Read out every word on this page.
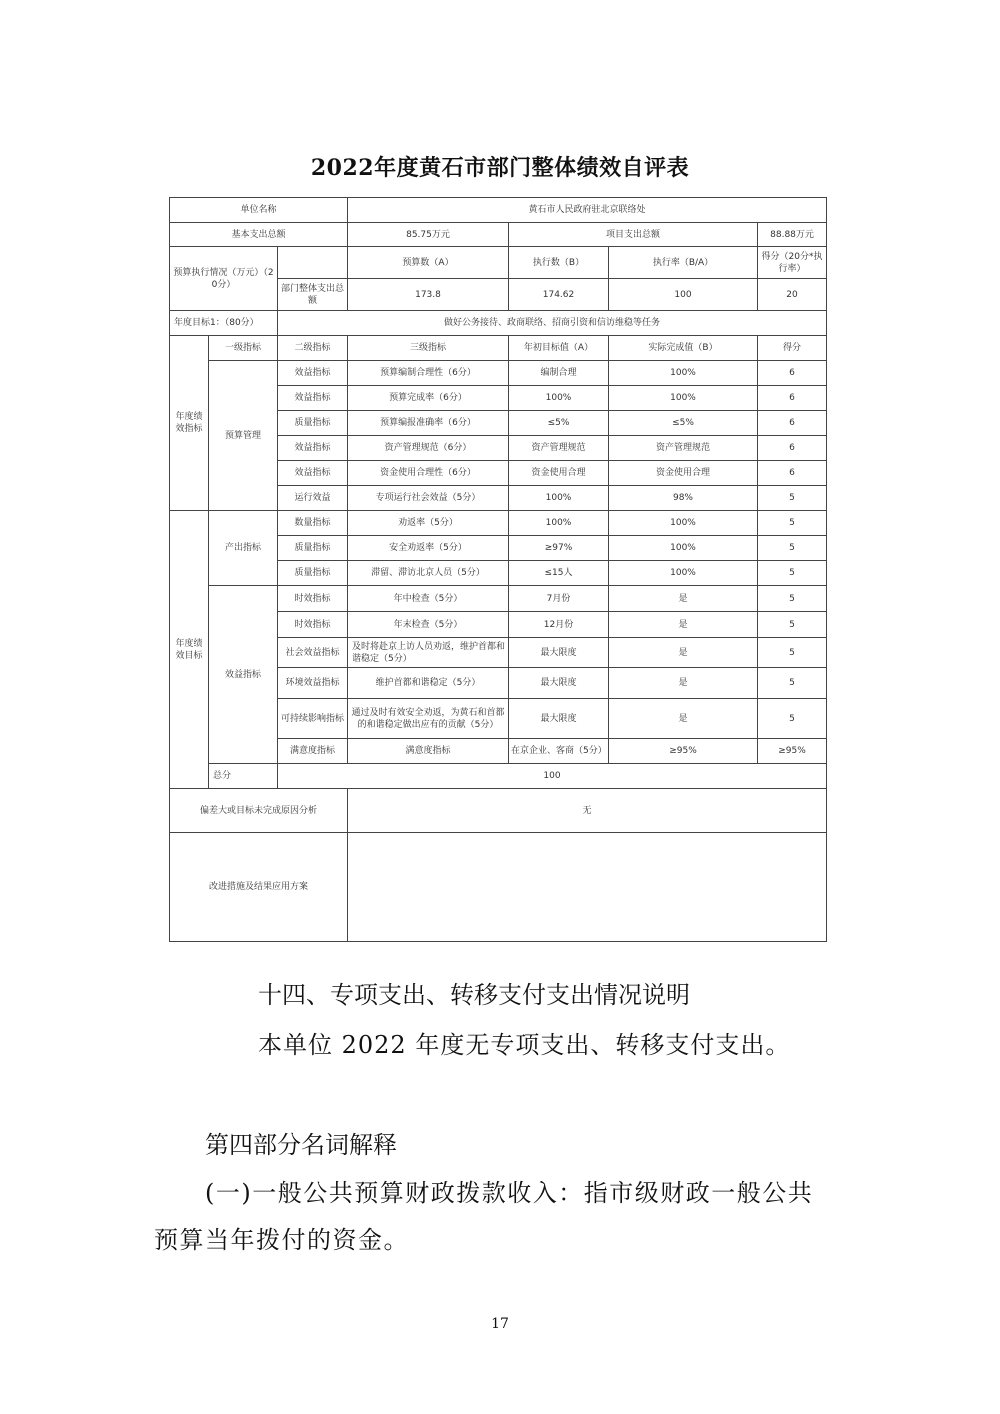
2022年度黄石市部门整体绩效自评表
单位名称			黄石市人民政府驻北京联络处				
基本支出总额			85.75万元	项目支出总额		88.88万元	
预算执行情况（万元）（20分）			预算数（A）	执行数（B）	执行率（B/A）	得分（20分*执行率）	
		部门整体支出总额	173.8	174.62	100	20	
年度目标1：（80分）		做好公务接待、政商联络、招商引资和信访维稳等任务					
年度绩效指标	一级指标	二级指标	三级指标	年初目标值（A）	实际完成值（B）	得分	
	预算管理	效益指标	预算编制合理性（6分）	编制合理	100%	6	
		效益指标	预算完成率（6分）	100%	100%	6	
		质量指标	预算编报准确率（6分）	≤5%	≤5%	6	
		效益指标	资产管理规范（6分）	资产管理规范	资产管理规范	6	
		效益指标	资金使用合理性（6分）	资金使用合理	资金使用合理	6	
		运行效益	专项运行社会效益（5分）	100%	98%	5	
年度绩效目标	产出指标	数量指标	劝返率（5分）	100%	100%	5	
		质量指标	安全劝返率（5分）	≥97%	100%	5	
		质量指标	滞留、滞访北京人员（5分）	≤15人	100%	5	
	效益指标	时效指标	年中检查（5分）	7月份	是	5	
		时效指标	年末检查（5分）	12月份	是	5	
		社会效益指标	及时将赴京上访人员劝返，维护首都和谐稳定（5分）	最大限度	是	5	
		环境效益指标	维护首都和谐稳定（5分）	最大限度	是	5	
		可持续影响指标	通过及时有效安全劝返，为黄石和首都的和谐稳定做出应有的贡献（5分）	最大限度	是	5	
		满意度指标	满意度指标	在京企业、客商（5分）	≥95%	≥95%	
	总分	100					
偏差大或目标未完成原因分析			无				
改进措施及结果应用方案							
十四、专项支出、转移支付支出情况说明
本单位 2022 年度无专项支出、转移支付支出。
第四部分名词解释
(一)一般公共预算财政拨款收入：指市级财政一般公共
预算当年拨付的资金。
17
